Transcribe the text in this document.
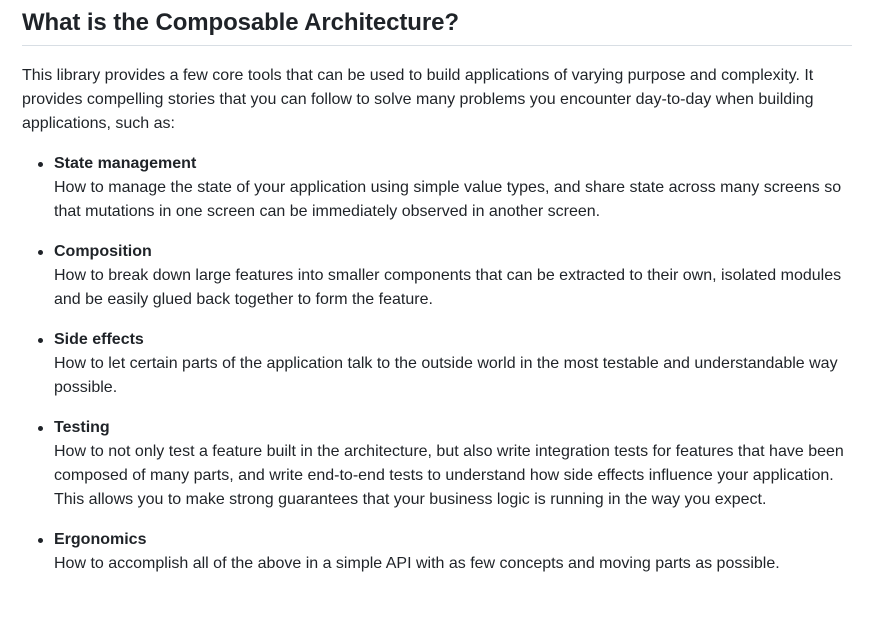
What is the Composable Architecture?

This library provides a few core tools that can be used to build applications of varying purpose and complexity. It provides compelling stories that you can follow to solve many problems you encounter day-to-day when building applications, such as:

State management
How to manage the state of your application using simple value types, and share state across many screens so that mutations in one screen can be immediately observed in another screen.
Composition
How to break down large features into smaller components that can be extracted to their own, isolated modules and be easily glued back together to form the feature.
Side effects
How to let certain parts of the application talk to the outside world in the most testable and understandable way possible.
Testing
How to not only test a feature built in the architecture, but also write integration tests for features that have been composed of many parts, and write end-to-end tests to understand how side effects influence your application. This allows you to make strong guarantees that your business logic is running in the way you expect.
Ergonomics
How to accomplish all of the above in a simple API with as few concepts and moving parts as possible.
